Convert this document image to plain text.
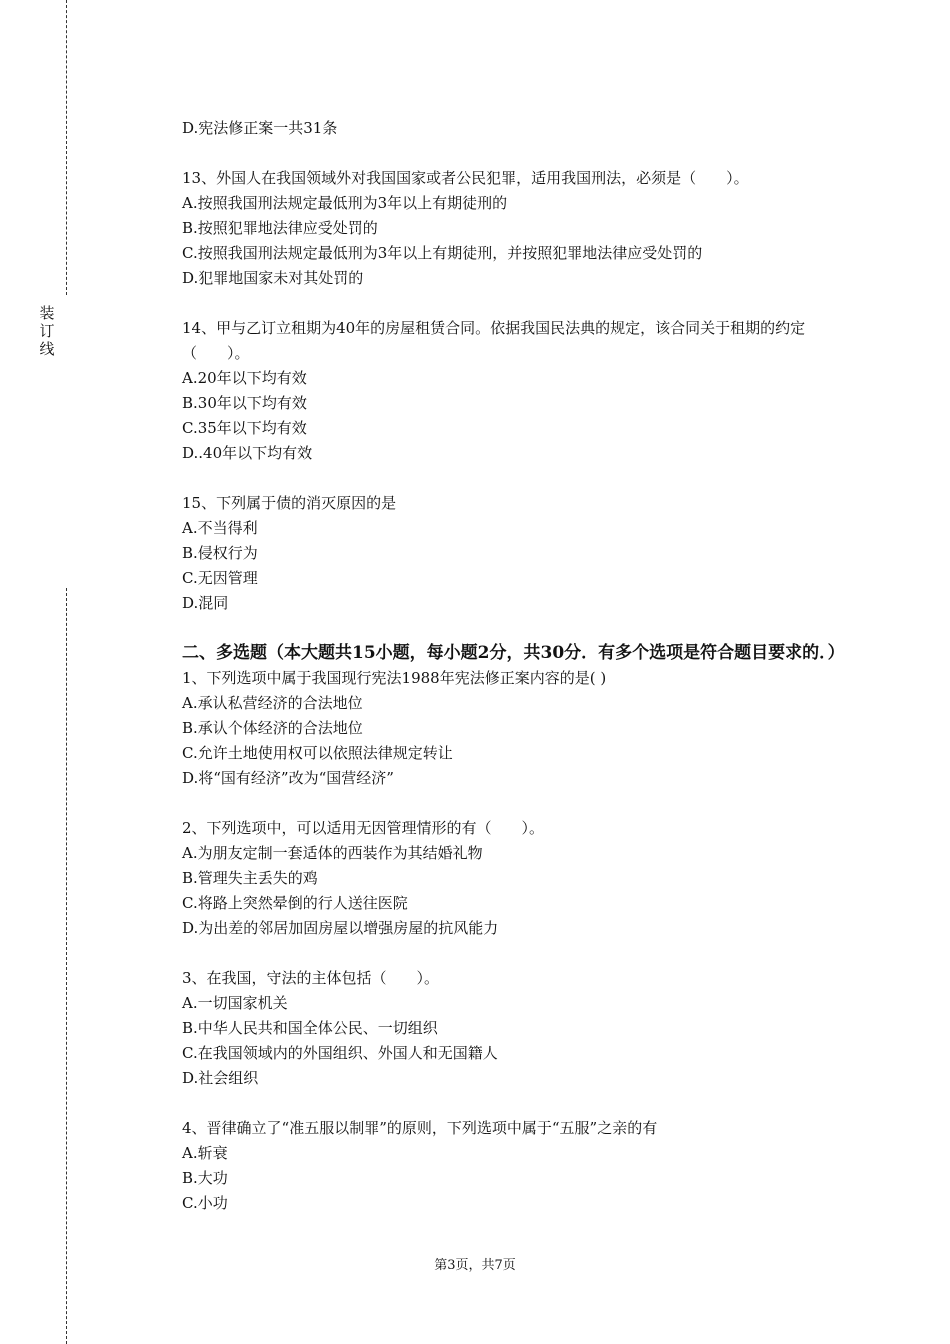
装
订
线
D.宪法修正案一共31条
13、外国人在我国领域外对我国国家或者公民犯罪，适用我国刑法，必须是（　　）。
A.按照我国刑法规定最低刑为3年以上有期徒刑的
B.按照犯罪地法律应受处罚的
C.按照我国刑法规定最低刑为3年以上有期徒刑，并按照犯罪地法律应受处罚的
D.犯罪地国家未对其处罚的
14、甲与乙订立租期为40年的房屋租赁合同。依据我国民法典的规定，该合同关于租期的约定（　　）。
A.20年以下均有效
B.30年以下均有效
C.35年以下均有效
D..40年以下均有效
15、下列属于债的消灭原因的是
A.不当得利
B.侵权行为
C.无因管理
D.混同
二、多选题（本大题共15小题，每小题2分，共30分．有多个选项是符合题目要求的．）
1、下列选项中属于我国现行宪法1988年宪法修正案内容的是( )
A.承认私营经济的合法地位
B.承认个体经济的合法地位
C.允许土地使用权可以依照法律规定转让
D.将“国有经济”改为“国营经济”
2、下列选项中，可以适用无因管理情形的有（　　）。
A.为朋友定制一套适体的西装作为其结婚礼物
B.管理失主丢失的鸡
C.将路上突然晕倒的行人送往医院
D.为出差的邻居加固房屋以增强房屋的抗风能力
3、在我国，守法的主体包括（　　）。
A.一切国家机关
B.中华人民共和国全体公民、一切组织
C.在我国领域内的外国组织、外国人和无国籍人
D.社会组织
4、晋律确立了“准五服以制罪”的原则，下列选项中属于“五服”之亲的有
A.斩衰
B.大功
C.小功
第3页，共7页
